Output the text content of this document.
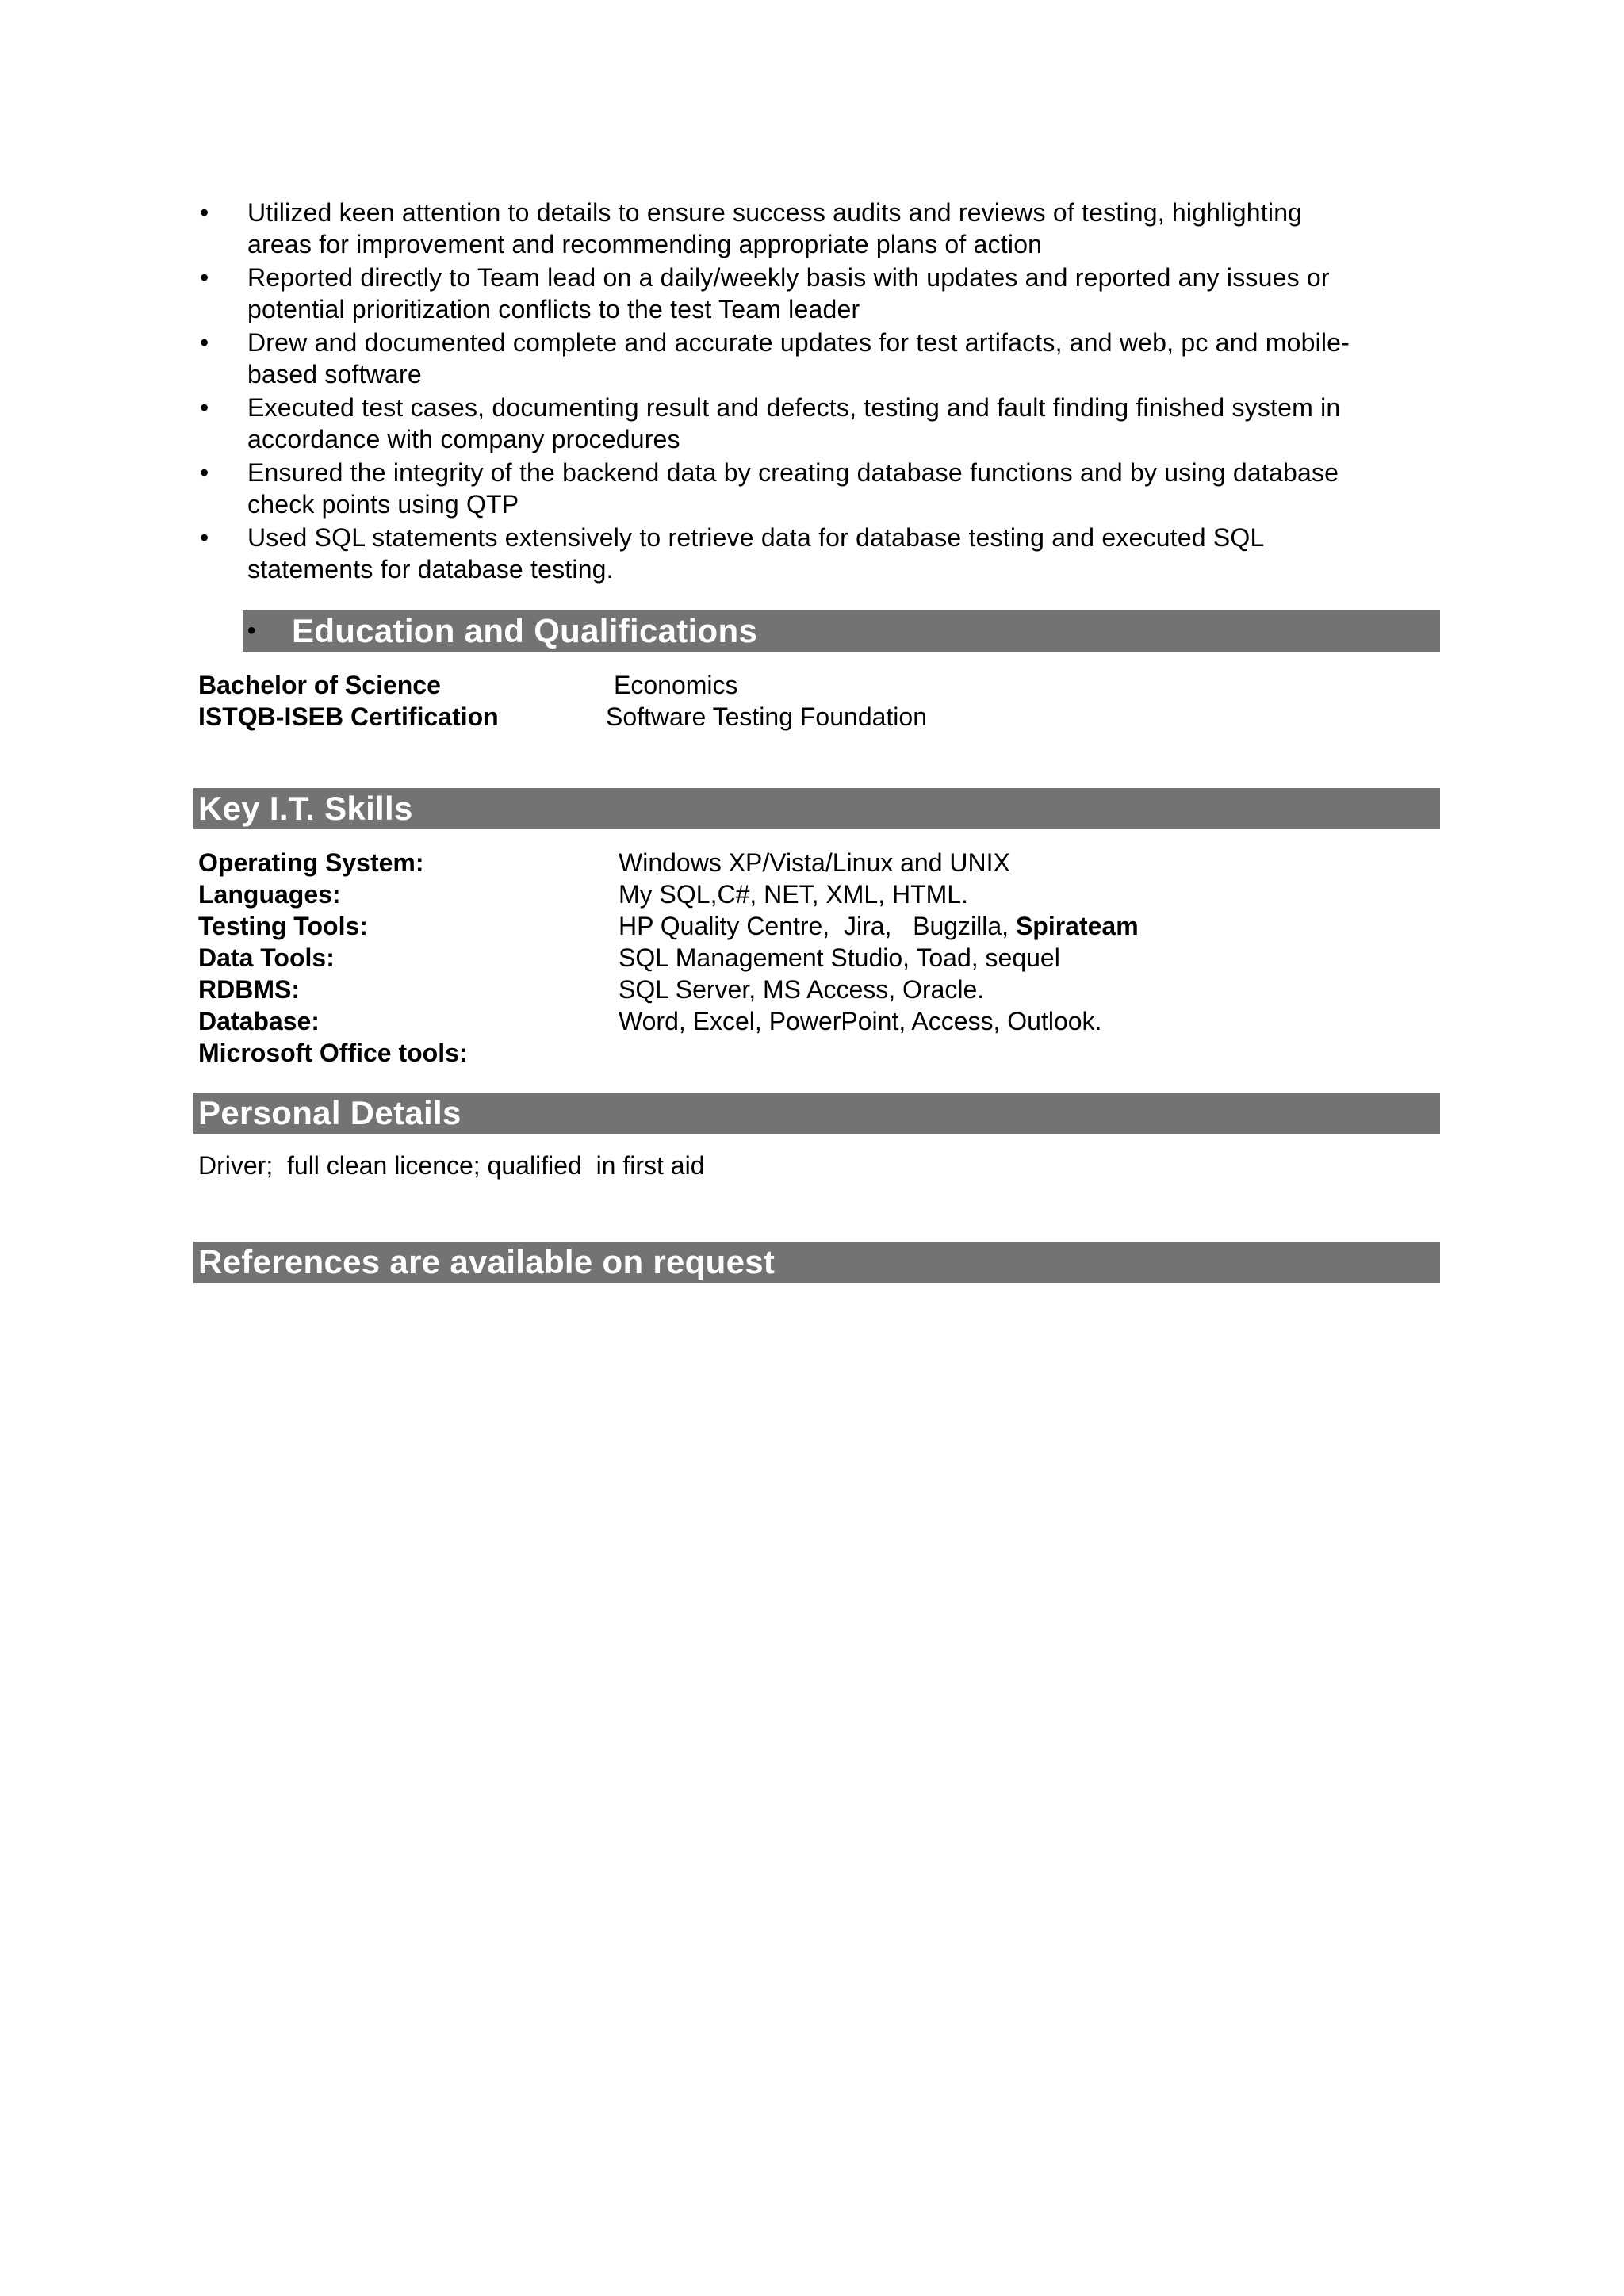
• Utilized keen attention to details to ensure success audits and reviews of testing, highlighting
areas for improvement and recommending appropriate plans of action
• Reported directly to Team lead on a daily/weekly basis with updates and reported any issues or
potential prioritization conflicts to the test Team leader
• Drew and documented complete and accurate updates for test artifacts, and web, pc and mobile-
based software
• Executed test cases, documenting result and defects, testing and fault finding finished system in
accordance with company procedures
• Ensured the integrity of the backend data by creating database functions and by using database
check points using QTP
• Used SQL statements extensively to retrieve data for database testing and executed SQL
statements for database testing.
• Education and Qualifications
Bachelor of Science	Economics
ISTQB-ISEB Certification	Software Testing Foundation
Key I.T. Skills
Operating System:	Windows XP/Vista/Linux and UNIX
Languages:	My SQL,C#, NET, XML, HTML.
Testing Tools:	HP Quality Centre,  Jira,   Bugzilla, Spirateam
Data Tools:	SQL Management Studio, Toad, sequel
RDBMS:	SQL Server, MS Access, Oracle.
Database:	Word, Excel, PowerPoint, Access, Outlook.
Microsoft Office tools:
Personal Details
Driver;  full clean licence; qualified  in first aid
References are available on request
